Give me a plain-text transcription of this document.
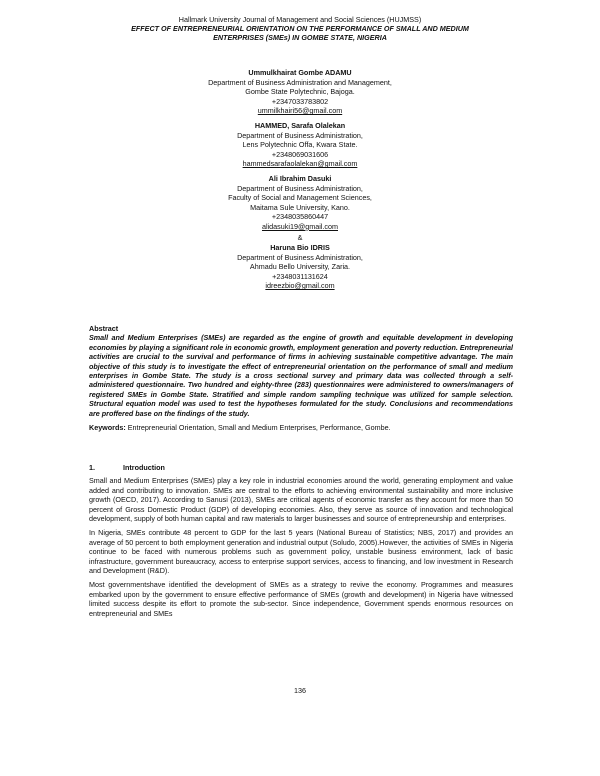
Hallmark University Journal of Management and Social Sciences (HUJMSS)
EFFECT OF ENTREPRENEURIAL ORIENTATION ON THE PERFORMANCE OF SMALL AND MEDIUM
ENTERPRISES (SMEs) IN GOMBE STATE, NIGERIA
Ummulkhairat Gombe ADAMU
Department of Business Administration and Management,
Gombe State Polytechnic, Bajoga.
+2347033783802
ummilkhairi56@gmail.com
HAMMED, Sarafa Olalekan
Department of Business Administration,
Lens Polytechnic Offa, Kwara State.
+2348069031606
hammedsarafaolalekan@gmail.com
Ali Ibrahim Dasuki
Department of Business Administration,
Faculty of Social and Management Sciences,
Maitama Sule University, Kano.
+2348035860447
alidasuki19@gmail.com
&
Haruna Bio IDRIS
Department of Business Administration,
Ahmadu Bello University, Zaria.
+2348031131624
idreezbio@gmail.com
Abstract
Small and Medium Enterprises (SMEs) are regarded as the engine of growth and equitable development in developing economies by playing a significant role in economic growth, employment generation and poverty reduction. Entrepreneurial activities are crucial to the survival and performance of firms in achieving sustainable competitive advantage. The main objective of this study is to investigate the effect of entrepreneurial orientation on the performance of small and medium enterprises in Gombe State. The study is a cross sectional survey and primary data was collected through a self-administered questionnaire. Two hundred and eighty-three (283) questionnaires were administered to owners/managers of registered SMEs in Gombe State. Stratified and simple random sampling technique was utilized for sample selection. Structural equation model was used to test the hypotheses formulated for the study. Conclusions and recommendations are proffered base on the findings of the study.
Keywords: Entrepreneurial Orientation, Small and Medium Enterprises, Performance, Gombe.
1.	Introduction

Small and Medium Enterprises (SMEs) play a key role in industrial economies around the world, generating employment and value added and contributing to innovation. SMEs are central to the efforts to achieving environmental sustainability and more inclusive growth (OECD, 2017). According to Sanusi (2013), SMEs are critical agents of economic transfer as they account for more than 50 percent of Gross Domestic Product (GDP) of developing economies. Also, they serve as source of innovation and technological development, supply of both human capital and raw materials to larger businesses and source of entrepreneurship and enterprises.

In Nigeria, SMEs contribute 48 percent to GDP for the last 5 years (National Bureau of Statistics; NBS, 2017) and provides an average of 50 percent to both employment generation and industrial output (Soludo, 2005).However, the activities of SMEs in Nigeria continue to be faced with numerous problems such as government policy, unstable business environment, lack of basic infrastructure, government bureaucracy, access to enterprise support services, access to financing, and low investment in Research and Development (R&D).

Most governmentshave identified the development of SMEs as a strategy to revive the economy. Programmes and measures embarked upon by the government to ensure effective performance of SMEs (growth and development) in Nigeria have witnessed limited success despite its effort to promote the sub-sector. Since independence, Government spends enormous resources on entrepreneurial and SMEs

136
